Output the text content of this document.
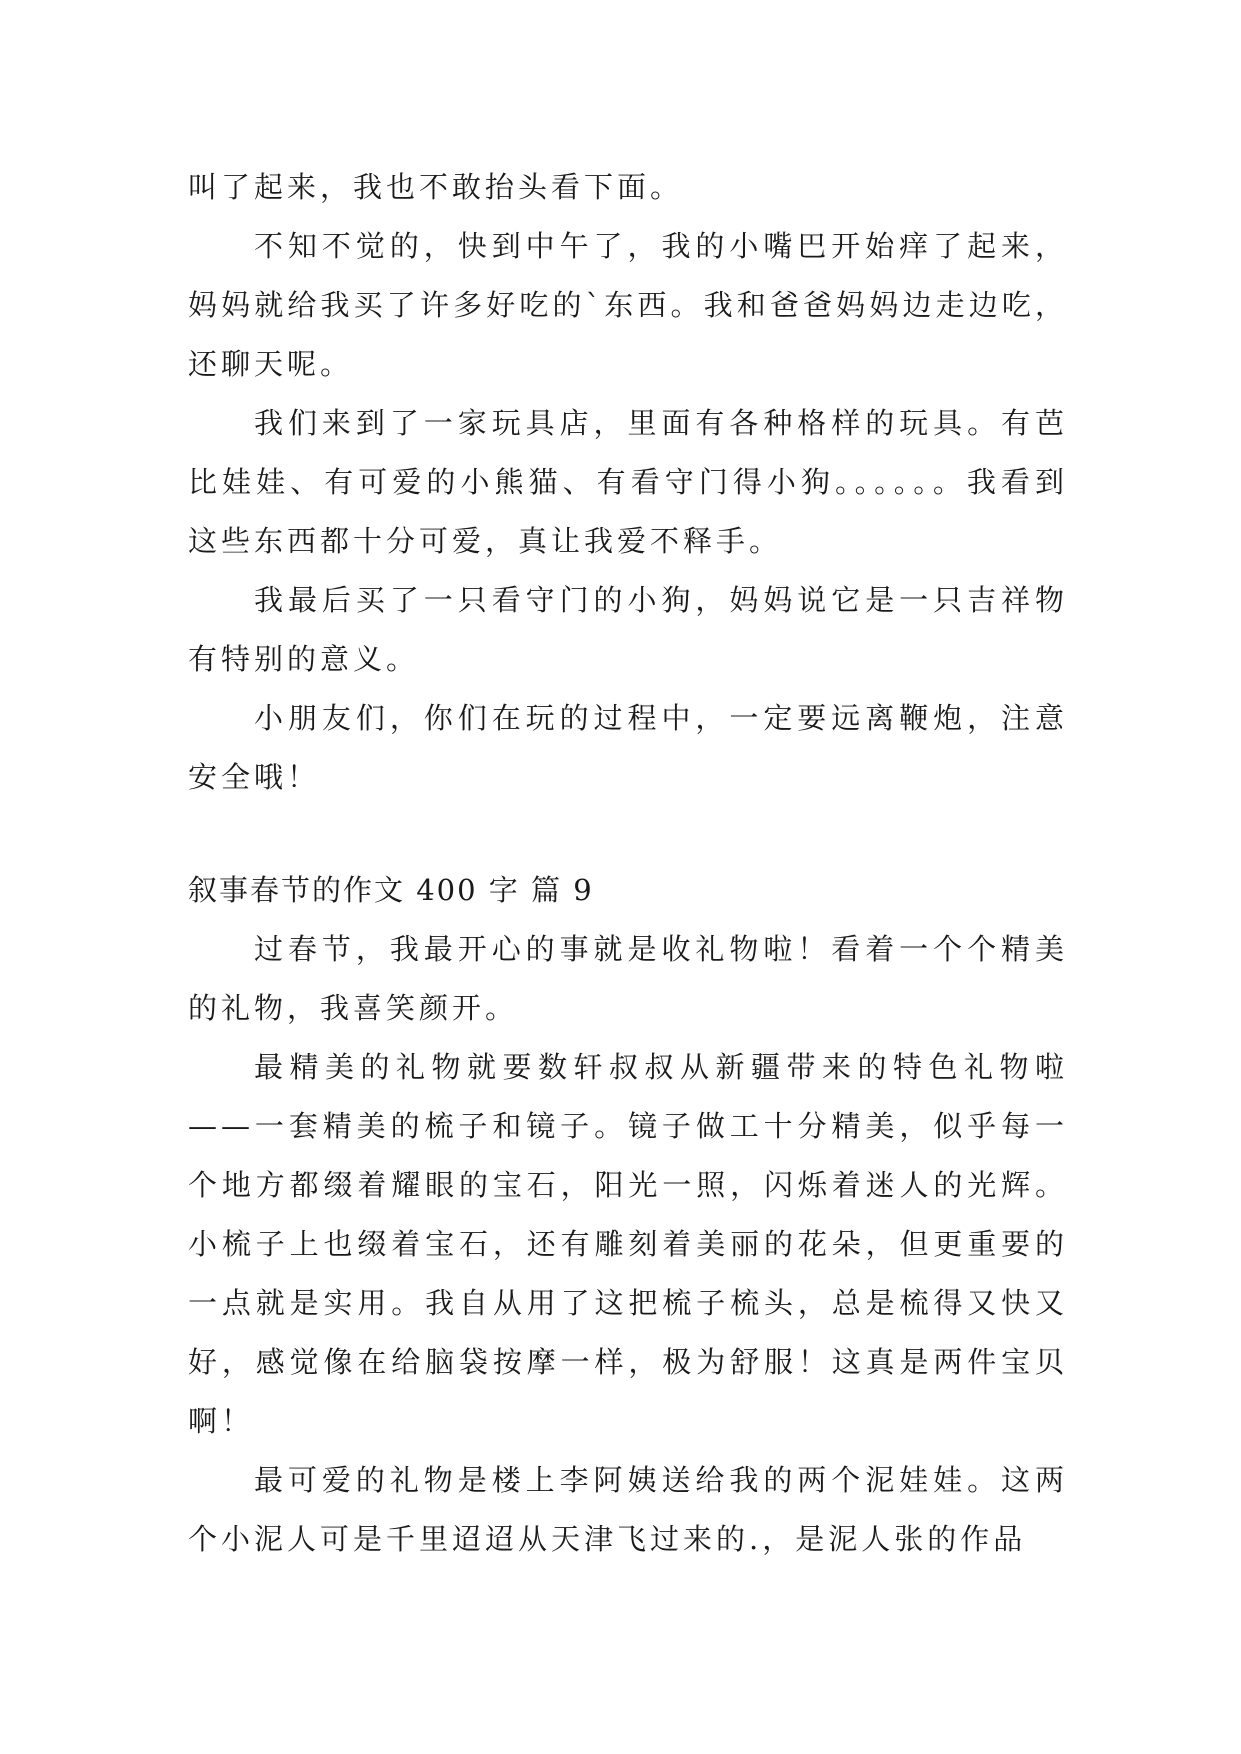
叫了起来，我也不敢抬头看下面。

不知不觉的，快到中午了，我的小嘴巴开始痒了起来，妈妈就给我买了许多好吃的`东西。我和爸爸妈妈边走边吃，还聊天呢。

我们来到了一家玩具店，里面有各种格样的玩具。有芭比娃娃、有可爱的小熊猫、有看守门得小狗。。。。。。我看到这些东西都十分可爱，真让我爱不释手。

我最后买了一只看守门的小狗，妈妈说它是一只吉祥物有特别的意义。

小朋友们，你们在玩的过程中，一定要远离鞭炮，注意安全哦！

叙事春节的作文 400 字 篇 9

过春节，我最开心的事就是收礼物啦！看着一个个精美的礼物，我喜笑颜开。

最精美的礼物就要数轩叔叔从新疆带来的特色礼物啦——一套精美的梳子和镜子。镜子做工十分精美，似乎每一个地方都缀着耀眼的宝石，阳光一照，闪烁着迷人的光辉。小梳子上也缀着宝石，还有雕刻着美丽的花朵，但更重要的一点就是实用。我自从用了这把梳子梳头，总是梳得又快又好，感觉像在给脑袋按摩一样，极为舒服！这真是两件宝贝啊！

最可爱的礼物是楼上李阿姨送给我的两个泥娃娃。这两个小泥人可是千里迢迢从天津飞过来的.，是泥人张的作品
